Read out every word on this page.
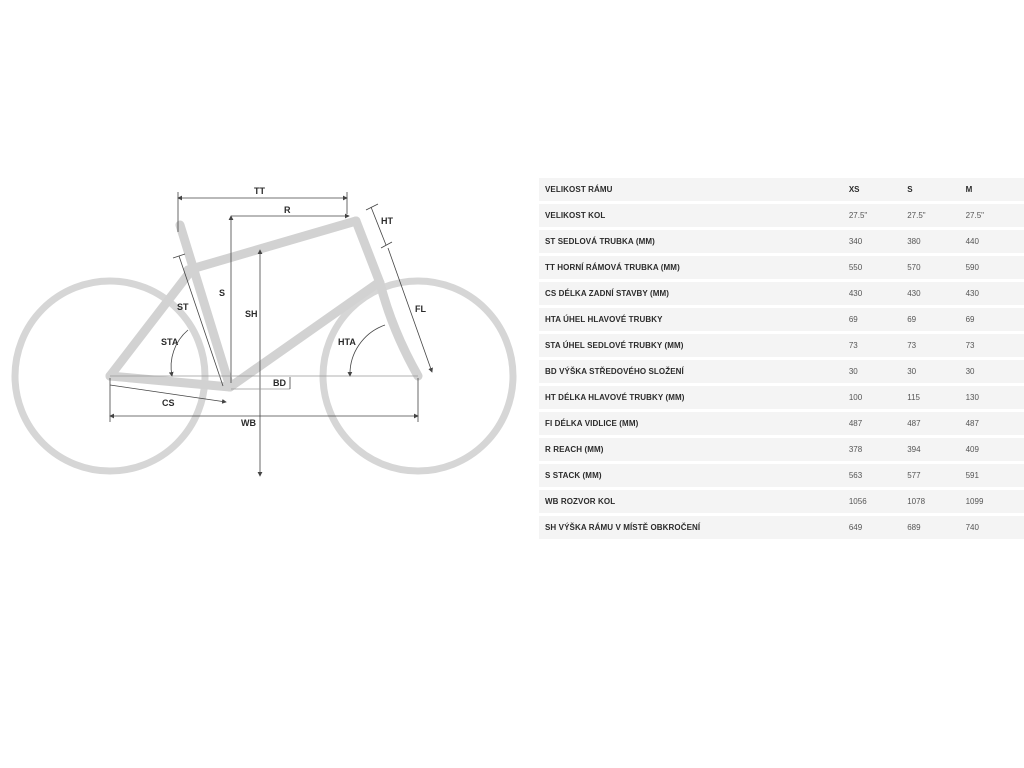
TT
R
HT
ST
S
SH	FL
STA	HTA
BD
CS
WB
VELIKOST RÁMU	XS	S	M
VELIKOST KOL	27.5"	27.5"	27.5"
ST SEDLOVÁ TRUBKA (MM)	340	380	440
TT HORNÍ RÁMOVÁ TRUBKA (MM)	550	570	590
CS DÉLKA ZADNÍ STAVBY (MM)	430	430	430
HTA ÚHEL HLAVOVÉ TRUBKY	69	69	69
STA ÚHEL SEDLOVÉ TRUBKY (MM)	73	73	73
BD VÝŠKA STŘEDOVÉHO SLOŽENÍ	30	30	30
HT DÉLKA HLAVOVÉ TRUBKY (MM)	100	115	130
FI DÉLKA VIDLICE (MM)	487	487	487
R REACH (MM)	378	394	409
S STACK (MM)	563	577	591
WB ROZVOR KOL	1056	1078	1099
SH VÝŠKA RÁMU V MÍSTĚ OBKROČENÍ	649	689	740
